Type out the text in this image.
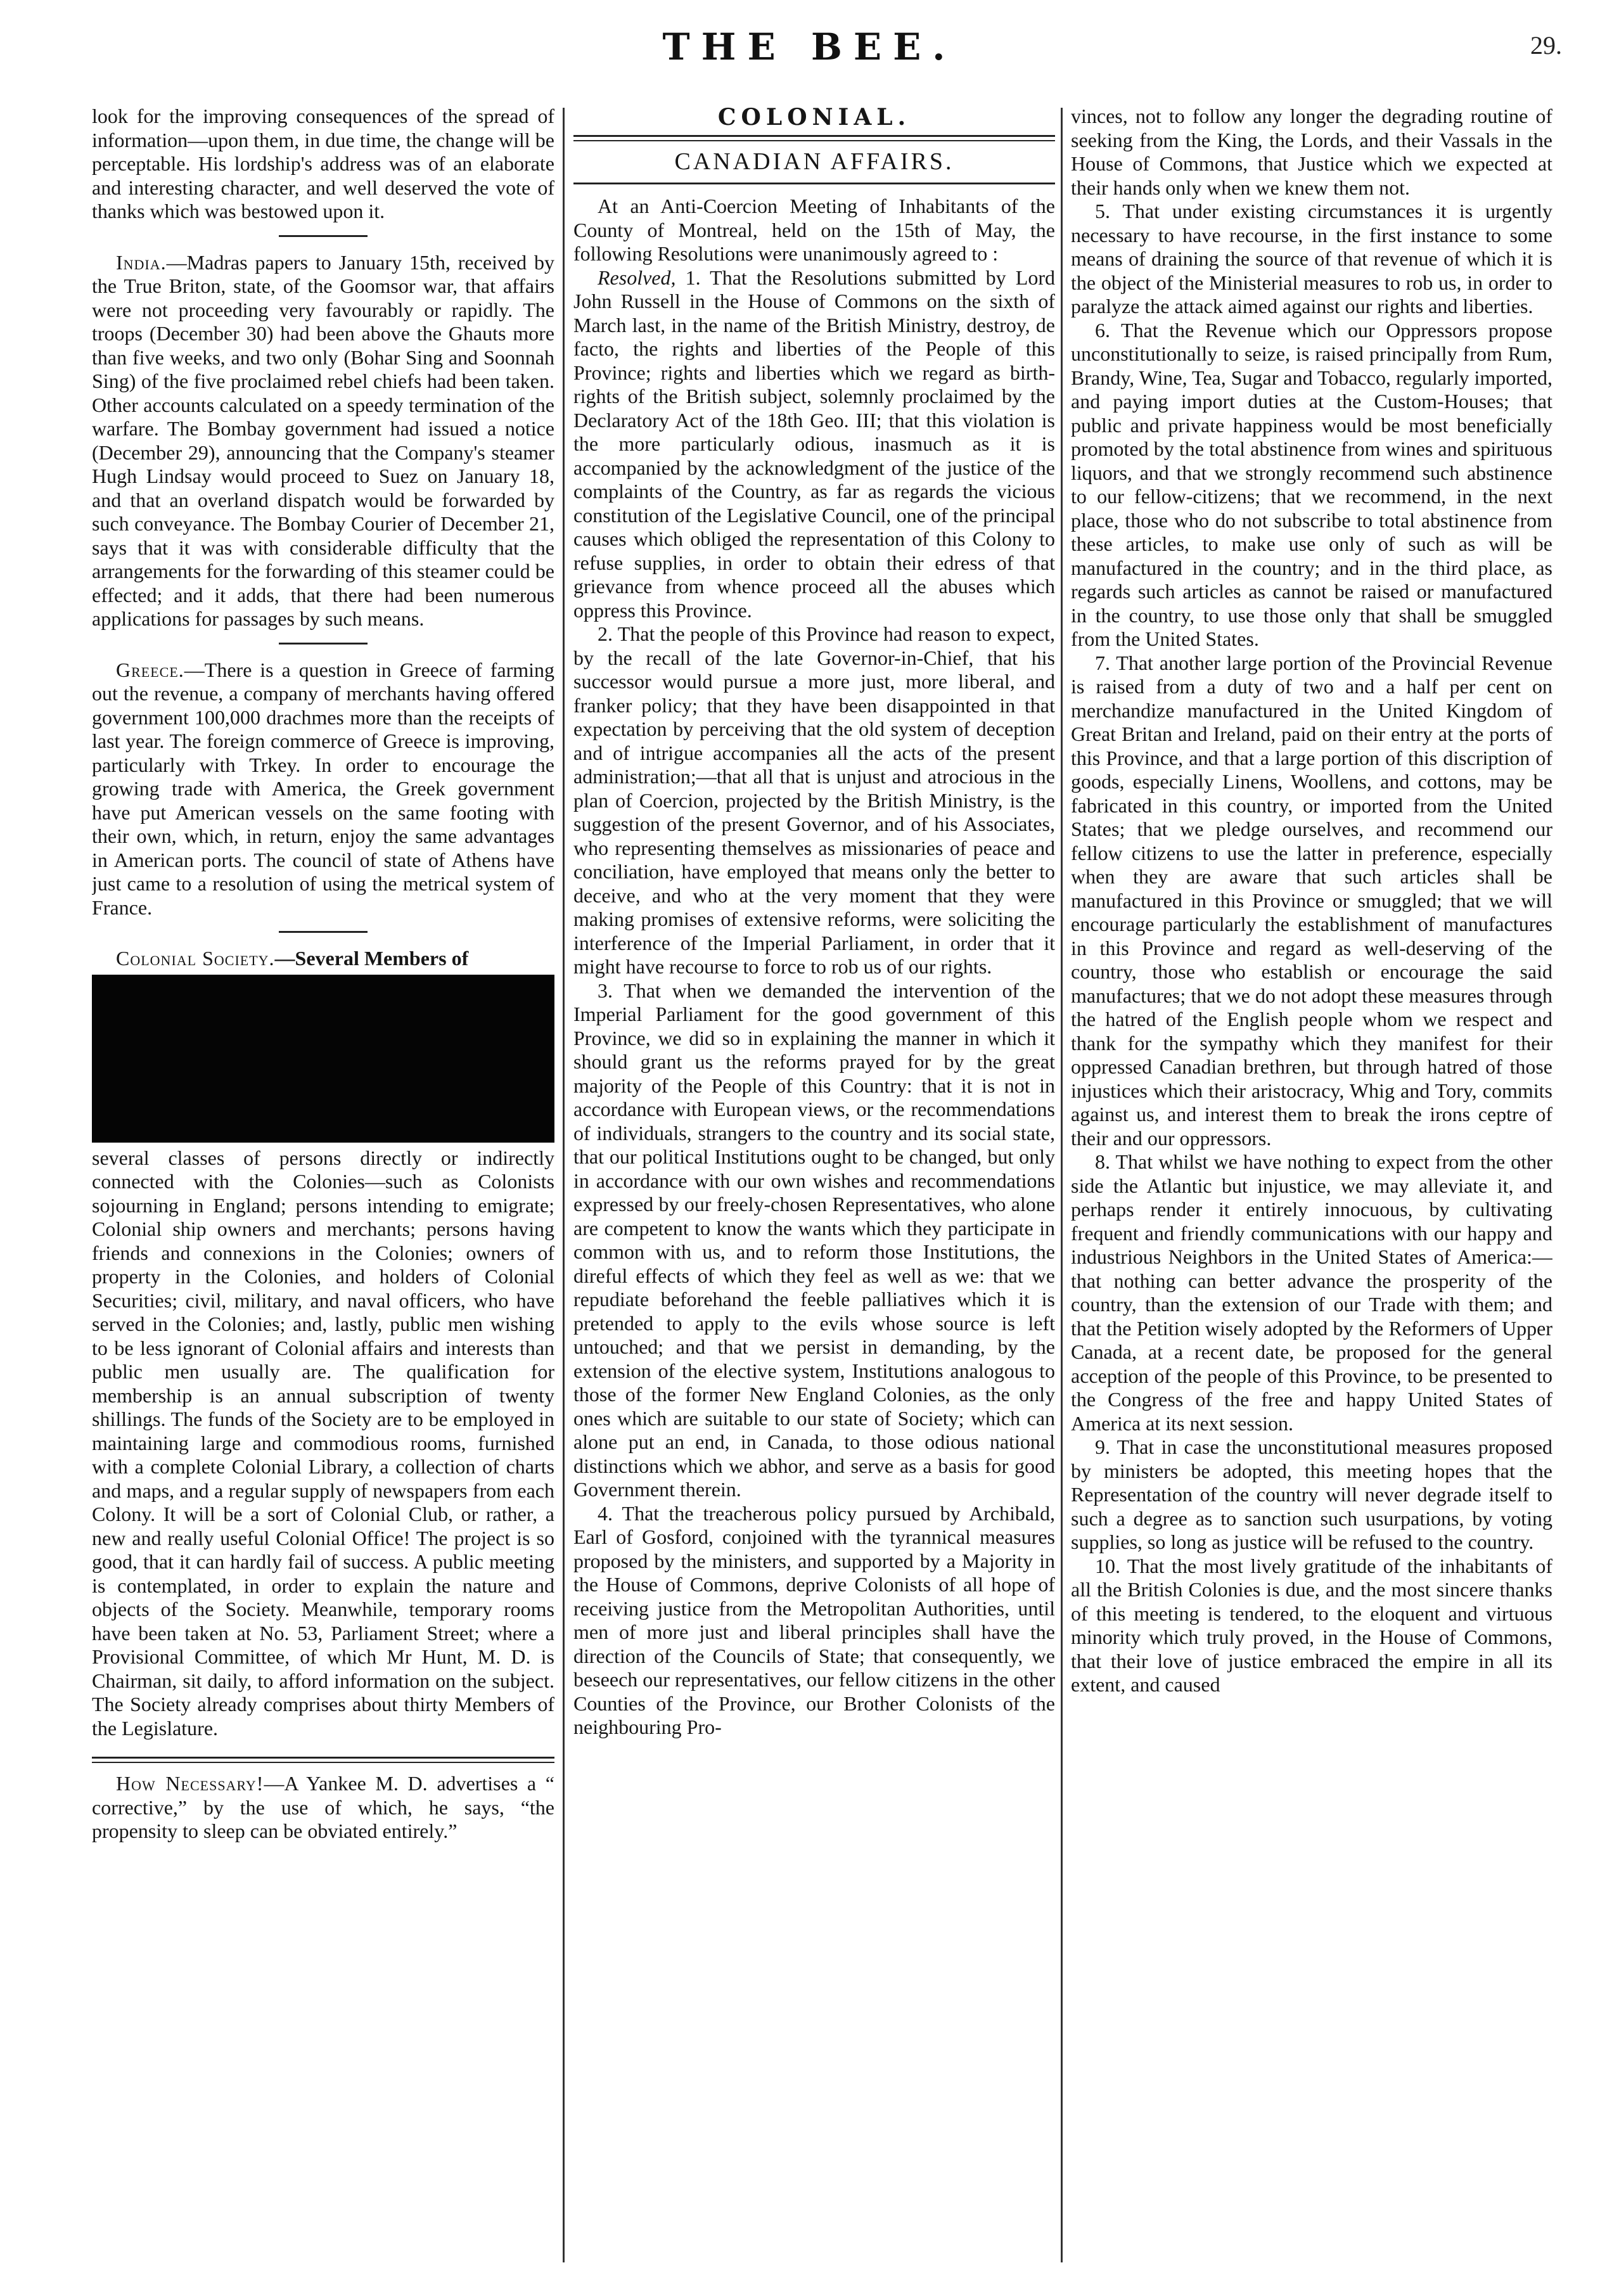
THE BEE.	29.

look for the improving consequences of the spread of information—upon them, in due time, the change will be perceptable. His lordship's address was of an elaborate and interesting character, and well deserved the vote of thanks which was bestowed upon it.

India.—Madras papers to January 15th, received by the True Briton, state, of the Goomsor war, that affairs were not proceeding very favourably or rapidly. The troops (December 30) had been above the Ghauts more than five weeks, and two only (Bohar Sing and Soonnah Sing) of the five proclaimed rebel chiefs had been taken. Other accounts calculated on a speedy termination of the warfare. The Bombay government had issued a notice (December 29), announcing that the Company's steamer Hugh Lindsay would proceed to Suez on January 18, and that an overland dispatch would be forwarded by such conveyance. The Bombay Courier of December 21, says that it was with considerable difficulty that the arrangements for the forwarding of this steamer could be effected; and it adds, that there had been numerous applications for passages by such means.

Greece.—There is a question in Greece of farming out the revenue, a company of merchants having offered government 100,000 drachmes more than the receipts of last year. The foreign commerce of Greece is improving, particularly with Trkey. In order to encourage the growing trade with America, the Greek government have put American vessels on the same footing with their own, which, in return, enjoy the same advantages in American ports. The council of state of Athens have just came to a resolution of using the metrical system of France.

Colonial Society.—Several Members of

several classes of persons directly or indirectly connected with the Colonies—such as Colonists sojourning in England; persons intending to emigrate; Colonial ship owners and merchants; persons having friends and connexions in the Colonies; owners of property in the Colonies, and holders of Colonial Securities; civil, military, and naval officers, who have served in the Colonies; and, lastly, public men wishing to be less ignorant of Colonial affairs and interests than public men usually are. The qualification for membership is an annual subscription of twenty shillings. The funds of the Society are to be employed in maintaining large and commodious rooms, furnished with a complete Colonial Library, a collection of charts and maps, and a regular supply of newspapers from each Colony. It will be a sort of Colonial Club, or rather, a new and really useful Colonial Office! The project is so good, that it can hardly fail of success. A public meeting is contemplated, in order to explain the nature and objects of the Society. Meanwhile, temporary rooms have been taken at No. 53, Parliament Street; where a Provisional Committee, of which Mr Hunt, M. D. is Chairman, sit daily, to afford information on the subject. The Society already comprises about thirty Members of the Legislature.

How Necessary!—A Yankee M. D. advertises a “ corrective,” by the use of which, he says, “the propensity to sleep can be obviated entirely.”

COLONIAL.
CANADIAN AFFAIRS.

At an Anti-Coercion Meeting of Inhabitants of the County of Montreal, held on the 15th of May, the following Resolutions were unanimously agreed to :

Resolved, 1. That the Resolutions submitted by Lord John Russell in the House of Commons on the sixth of March last, in the name of the British Ministry, destroy, de facto, the rights and liberties of the People of this Province; rights and liberties which we regard as birth-rights of the British subject, solemnly proclaimed by the Declaratory Act of the 18th Geo. III; that this violation is the more particularly odious, inasmuch as it is accompanied by the acknowledgment of the justice of the complaints of the Country, as far as regards the vicious constitution of the Legislative Council, one of the principal causes which obliged the representation of this Colony to refuse supplies, in order to obtain their edress of that grievance from whence proceed all the abuses which oppress this Province.

2. That the people of this Province had reason to expect, by the recall of the late Governor-in-Chief, that his successor would pursue a more just, more liberal, and franker policy; that they have been disappointed in that expectation by perceiving that the old system of deception and of intrigue accompanies all the acts of the present administration;—that all that is unjust and atrocious in the plan of Coercion, projected by the British Ministry, is the suggestion of the present Governor, and of his Associates, who representing themselves as missionaries of peace and conciliation, have employed that means only the better to deceive, and who at the very moment that they were making promises of extensive reforms, were soliciting the interference of the Imperial Parliament, in order that it might have recourse to force to rob us of our rights.

3. That when we demanded the intervention of the Imperial Parliament for the good government of this Province, we did so in explaining the manner in which it should grant us the reforms prayed for by the great majority of the People of this Country: that it is not in accordance with European views, or the recommendations of individuals, strangers to the country and its social state, that our political Institutions ought to be changed, but only in accordance with our own wishes and recommendations expressed by our freely-chosen Representatives, who alone are competent to know the wants which they participate in common with us, and to reform those Institutions, the direful effects of which they feel as well as we: that we repudiate beforehand the feeble palliatives which it is pretended to apply to the evils whose source is left untouched; and that we persist in demanding, by the extension of the elective system, Institutions analogous to those of the former New England Colonies, as the only ones which are suitable to our state of Society; which can alone put an end, in Canada, to those odious national distinctions which we abhor, and serve as a basis for good Government therein.

4. That the treacherous policy pursued by Archibald, Earl of Gosford, conjoined with the tyrannical measures proposed by the ministers, and supported by a Majority in the House of Commons, deprive Colonists of all hope of receiving justice from the Metropolitan Authorities, until men of more just and liberal principles shall have the direction of the Councils of State; that consequently, we beseech our representatives, our fellow citizens in the other Counties of the Province, our Brother Colonists of the neighbouring Pro-

vinces, not to follow any longer the degrading routine of seeking from the King, the Lords, and their Vassals in the House of Commons, that Justice which we expected at their hands only when we knew them not.

5. That under existing circumstances it is urgently necessary to have recourse, in the first instance to some means of draining the source of that revenue of which it is the object of the Ministerial measures to rob us, in order to paralyze the attack aimed against our rights and liberties.

6. That the Revenue which our Oppressors propose unconstitutionally to seize, is raised principally from Rum, Brandy, Wine, Tea, Sugar and Tobacco, regularly imported, and paying import duties at the Custom-Houses; that public and private happiness would be most beneficially promoted by the total abstinence from wines and spirituous liquors, and that we strongly recommend such abstinence to our fellow-citizens; that we recommend, in the next place, those who do not subscribe to total abstinence from these articles, to make use only of such as will be manufactured in the country; and in the third place, as regards such articles as cannot be raised or manufactured in the country, to use those only that shall be smuggled from the United States.

7. That another large portion of the Provincial Revenue is raised from a duty of two and a half per cent on merchandize manufactured in the United Kingdom of Great Britan and Ireland, paid on their entry at the ports of this Province, and that a large portion of this discription of goods, especially Linens, Woollens, and cottons, may be fabricated in this country, or imported from the United States; that we pledge ourselves, and recommend our fellow citizens to use the latter in preference, especially when they are aware that such articles shall be manufactured in this Province or smuggled; that we will encourage particularly the establishment of manufactures in this Province and regard as well-deserving of the country, those who establish or encourage the said manufactures; that we do not adopt these measures through the hatred of the English people whom we respect and thank for the sympathy which they manifest for their oppressed Canadian brethren, but through hatred of those injustices which their aristocracy, Whig and Tory, commits against us, and interest them to break the irons ceptre of their and our oppressors.

8. That whilst we have nothing to expect from the other side the Atlantic but injustice, we may alleviate it, and perhaps render it entirely innocuous, by cultivating frequent and friendly communications with our happy and industrious Neighbors in the United States of America:—that nothing can better advance the prosperity of the country, than the extension of our Trade with them; and that the Petition wisely adopted by the Reformers of Upper Canada, at a recent date, be proposed for the general acception of the people of this Province, to be presented to the Congress of the free and happy United States of America at its next session.

9. That in case the unconstitutional measures proposed by ministers be adopted, this meeting hopes that the Representation of the country will never degrade itself to such a degree as to sanction such usurpations, by voting supplies, so long as justice will be refused to the country.

10. That the most lively gratitude of the inhabitants of all the British Colonies is due, and the most sincere thanks of this meeting is tendered, to the eloquent and virtuous minority which truly proved, in the House of Commons, that their love of justice embraced the empire in all its extent, and caused
